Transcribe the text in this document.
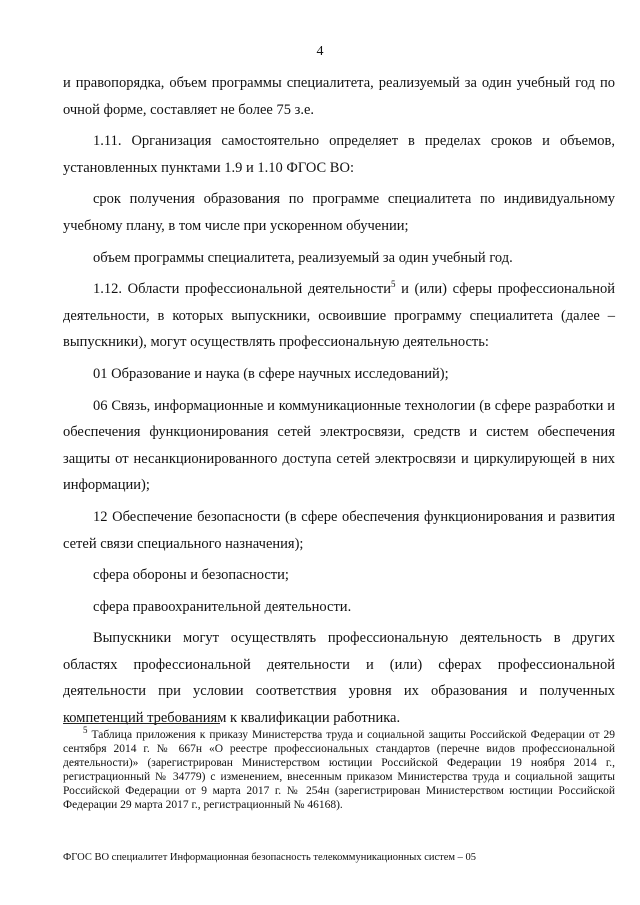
4

и правопорядка, объем программы специалитета, реализуемый за один учебный год по очной форме, составляет не более 75 з.е.

1.11. Организация самостоятельно определяет в пределах сроков и объемов, установленных пунктами 1.9 и 1.10 ФГОС ВО:

срок получения образования по программе специалитета по индивидуальному учебному плану, в том числе при ускоренном обучении;

объем программы специалитета, реализуемый за один учебный год.

1.12. Области профессиональной деятельности$^5$ и (или) сферы профессиональной деятельности, в которых выпускники, освоившие программу специалитета (далее – выпускники), могут осуществлять профессиональную деятельность:

01 Образование и наука (в сфере научных исследований);

06 Связь, информационные и коммуникационные технологии (в сфере разработки и обеспечения функционирования сетей электросвязи, средств и систем обеспечения защиты от несанкционированного доступа сетей электросвязи и циркулирующей в них информации);

12 Обеспечение безопасности (в сфере обеспечения функционирования и развития сетей связи специального назначения);

сфера обороны и безопасности;

сфера правоохранительной деятельности.

Выпускники могут осуществлять профессиональную деятельность в других областях профессиональной деятельности и (или) сферах профессиональной деятельности при условии соответствия уровня их образования и полученных компетенций требованиям к квалификации работника.

$^5$ Таблица приложения к приказу Министерства труда и социальной защиты Российской Федерации от 29 сентября 2014 г. № 667н «О реестре профессиональных стандартов (перечне видов профессиональной деятельности)» (зарегистрирован Министерством юстиции Российской Федерации 19 ноября 2014 г., регистрационный № 34779) с изменением, внесенным приказом Министерства труда и социальной защиты Российской Федерации от 9 марта 2017 г. № 254н (зарегистрирован Министерством юстиции Российской Федерации 29 марта 2017 г., регистрационный № 46168).

ФГОС ВО специалитет Информационная безопасность телекоммуникационных систем – 05
